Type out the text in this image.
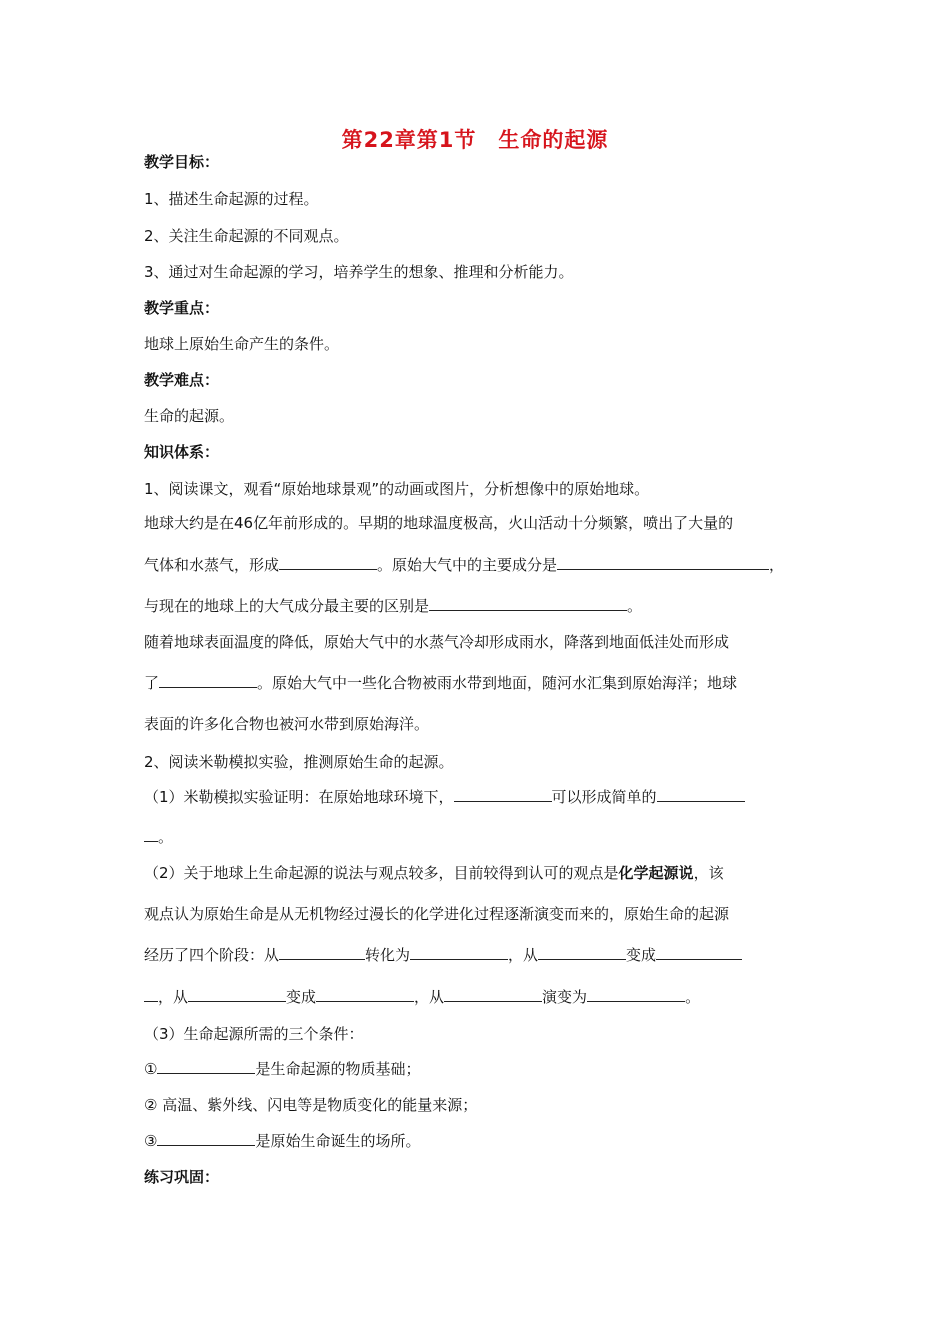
第22章第1节　生命的起源
教学目标：
1、描述生命起源的过程。
2、关注生命起源的不同观点。
3、通过对生命起源的学习，培养学生的想象、推理和分析能力。
教学重点：
地球上原始生命产生的条件。
教学难点：
生命的起源。
知识体系：
1、阅读课文，观看“原始地球景观”的动画或图片，分析想像中的原始地球。
地球大约是在46亿年前形成的。早期的地球温度极高，火山活动十分频繁，喷出了大量的
气体和水蒸气，形成	。原始大气中的主要成分是	，
与现在的地球上的大气成分最主要的区别是	。
随着地球表面温度的降低，原始大气中的水蒸气冷却形成雨水，降落到地面低洼处而形成
了	。原始大气中一些化合物被雨水带到地面，随河水汇集到原始海洋；地球
表面的许多化合物也被河水带到原始海洋。
2、阅读米勒模拟实验，推测原始生命的起源。
（1）米勒模拟实验证明：在原始地球环境下，	可以形成简单的
。
（2）关于地球上生命起源的说法与观点较多，目前较得到认可的观点是化学起源说，该
观点认为原始生命是从无机物经过漫长的化学进化过程逐渐演变而来的，原始生命的起源
经历了四个阶段：从	转化为	，从	变成
，从	变成	，从	演变为	。
（3）生命起源所需的三个条件：
①	是生命起源的物质基础；
② 高温、紫外线、闪电等是物质变化的能量来源；
③	是原始生命诞生的场所。
练习巩固：
